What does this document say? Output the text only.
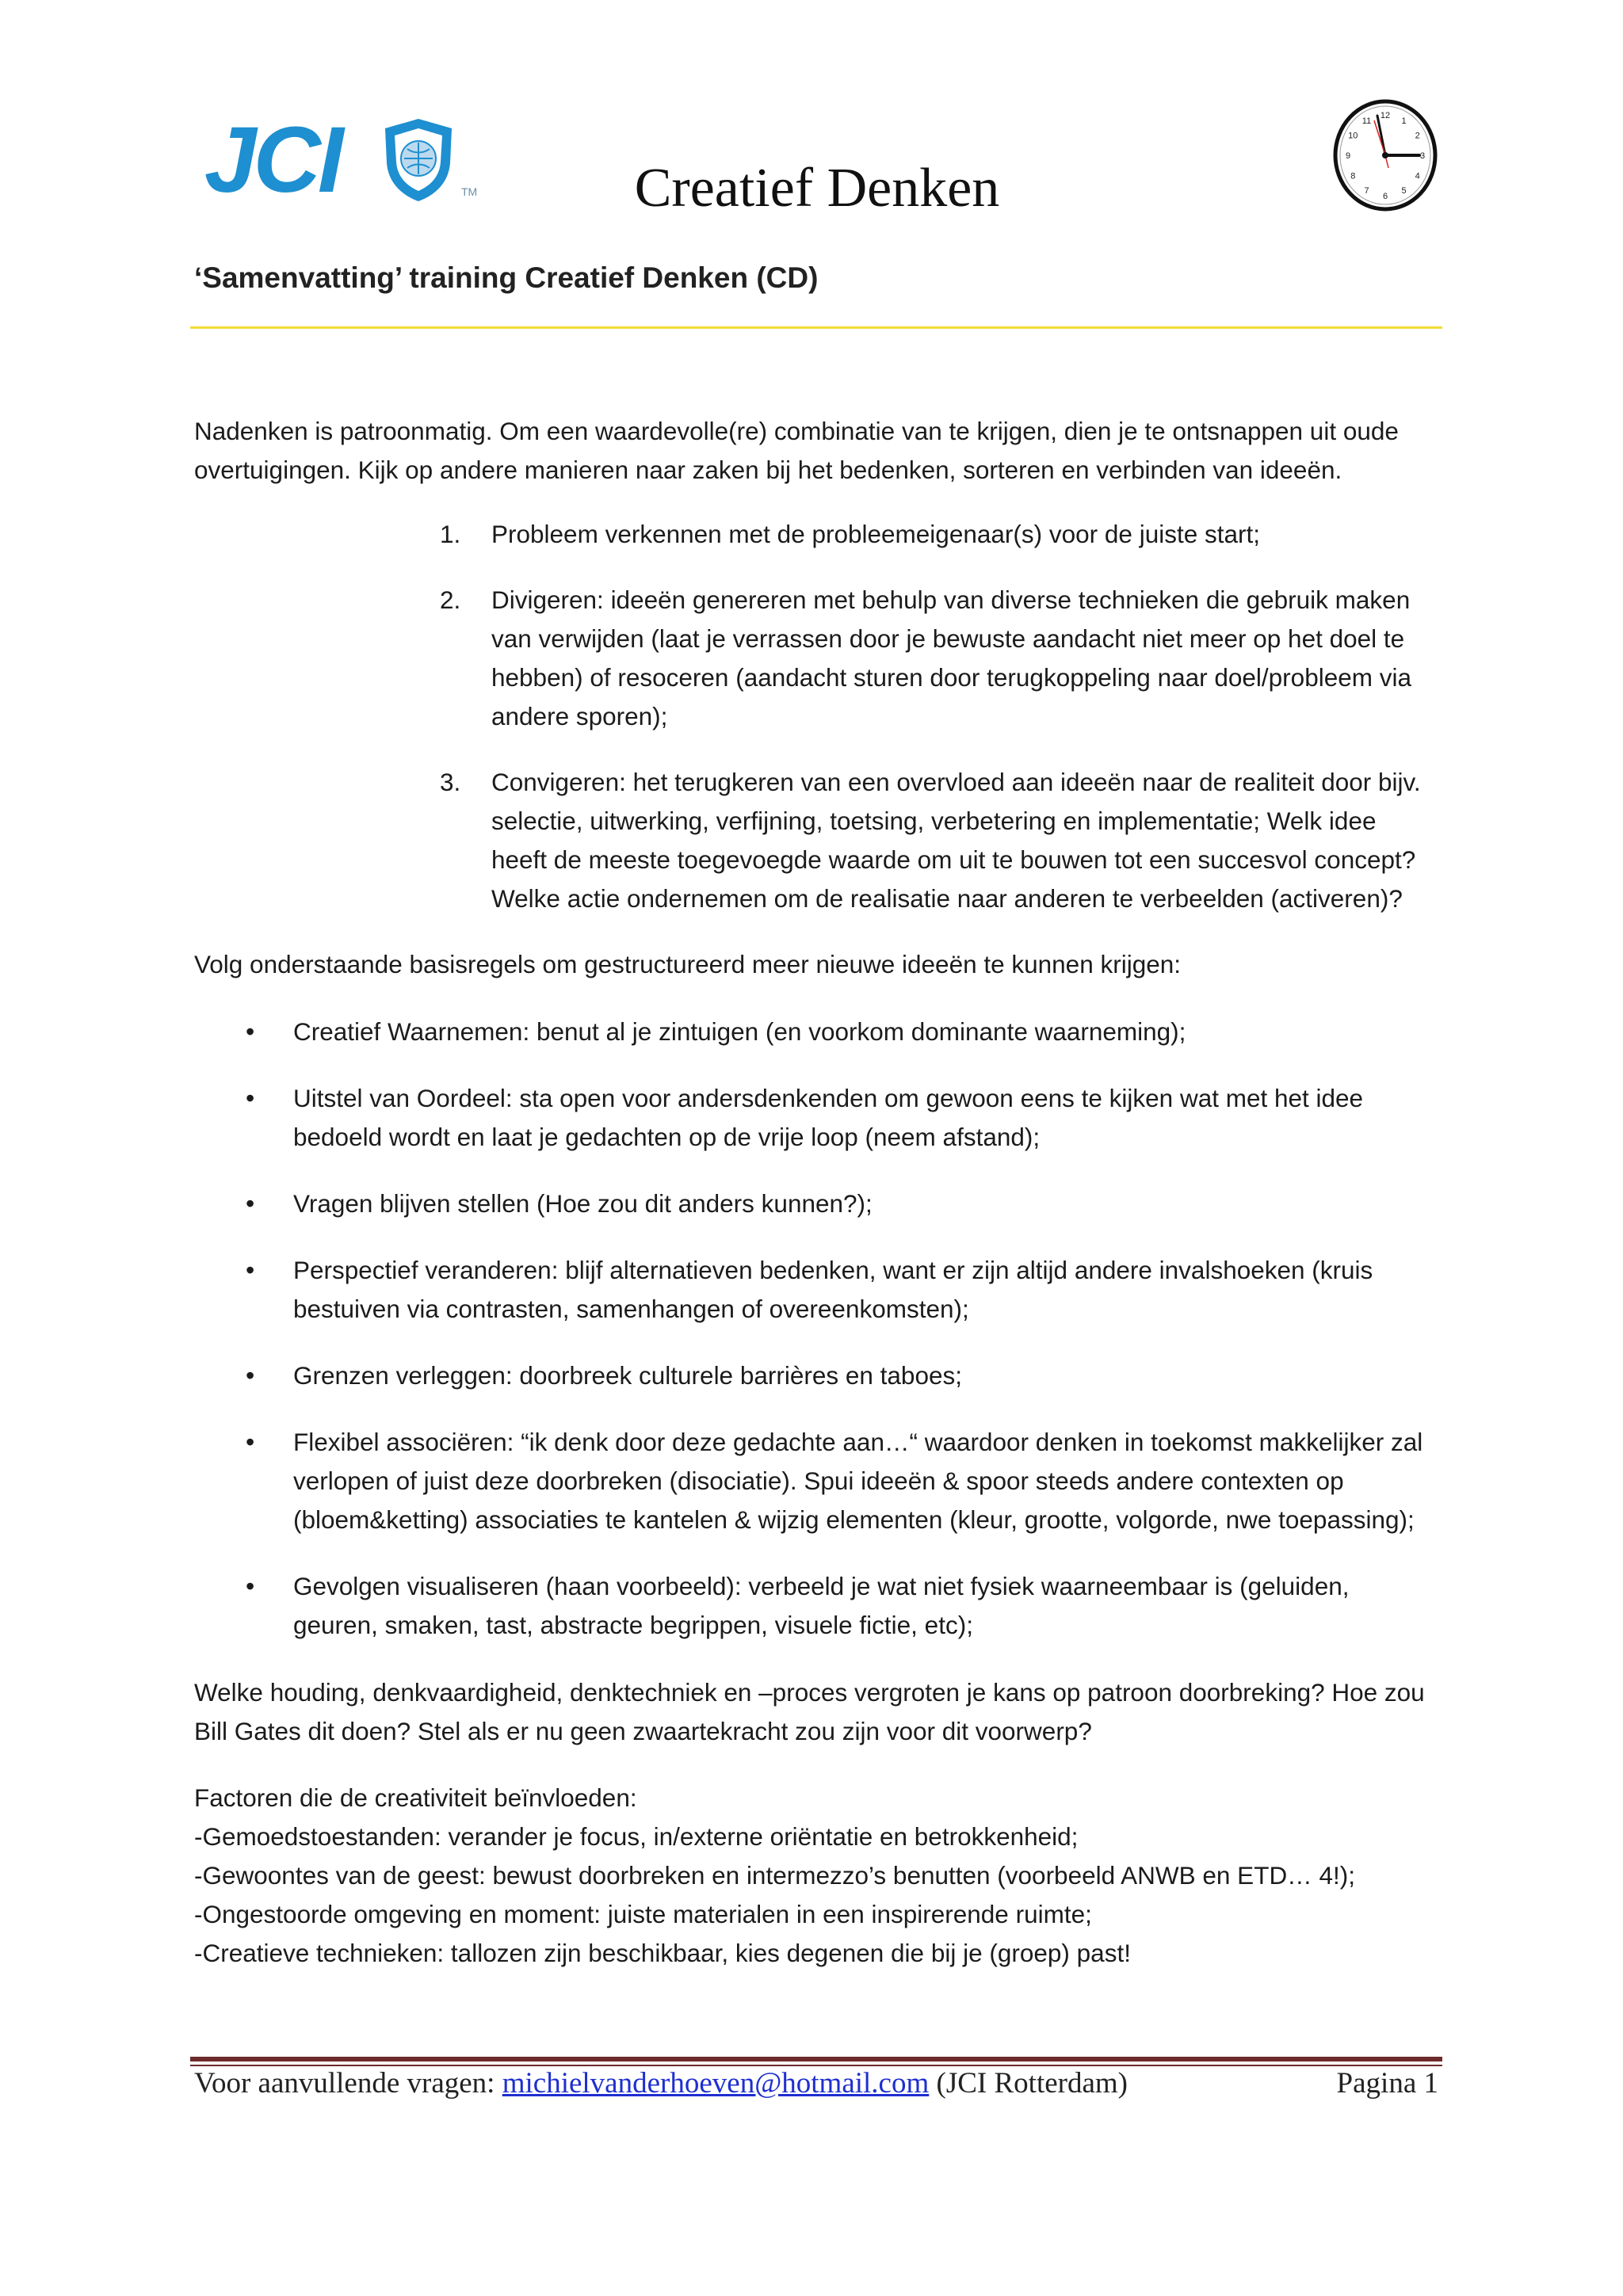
JCI	TM	Creatief Denken
12
1
2
3
4
5
6
7
8
9
10
11
‘Samenvatting’ training Creatief Denken (CD)

Nadenken is patroonmatig. Om een waardevolle(re) combinatie van te krijgen, dien je te ontsnappen uit oude

overtuigingen. Kijk op andere manieren naar zaken bij het bedenken, sorteren en verbinden van ideeën.

1. Probleem verkennen met de probleemeigenaar(s) voor de juiste start;
2. Divigeren: ideeën genereren met behulp van diverse technieken die gebruik maken
van verwijden (laat je verrassen door je bewuste aandacht niet meer op het doel te
hebben) of resoceren (aandacht sturen door terugkoppeling naar doel/probleem via
andere sporen);
3. Convigeren: het terugkeren van een overvloed aan ideeën naar de realiteit door bijv.
selectie, uitwerking, verfijning, toetsing, verbetering en implementatie; Welk idee
heeft de meeste toegevoegde waarde om uit te bouwen tot een succesvol concept?
Welke actie ondernemen om de realisatie naar anderen te verbeelden (activeren)?
Volg onderstaande basisregels om gestructureerd meer nieuwe ideeën te kunnen krijgen:
• Creatief Waarnemen: benut al je zintuigen (en voorkom dominante waarneming);
• Uitstel van Oordeel: sta open voor andersdenkenden om gewoon eens te kijken wat met het idee
bedoeld wordt en laat je gedachten op de vrije loop (neem afstand);
• Vragen blijven stellen (Hoe zou dit anders kunnen?);
• Perspectief veranderen: blijf alternatieven bedenken, want er zijn altijd andere invalshoeken (kruis
bestuiven via contrasten, samenhangen of overeenkomsten);
• Grenzen verleggen: doorbreek culturele barrières en taboes;
• Flexibel associëren: “ik denk door deze gedachte aan…“ waardoor denken in toekomst makkelijker zal
verlopen of juist deze doorbreken (disociatie). Spui ideeën & spoor steeds andere contexten op
(bloem&ketting) associaties te kantelen & wijzig elementen (kleur, grootte, volgorde, nwe toepassing);
• Gevolgen visualiseren (haan voorbeeld): verbeeld je wat niet fysiek waarneembaar is (geluiden,
geuren, smaken, tast, abstracte begrippen, visuele fictie, etc);

Welke houding, denkvaardigheid, denktechniek en –proces vergroten je kans op patroon doorbreking? Hoe zou

Bill Gates dit doen? Stel als er nu geen zwaartekracht zou zijn voor dit voorwerp?

Factoren die de creativiteit beïnvloeden:

-Gemoedstoestanden: verander je focus, in/externe oriëntatie en betrokkenheid;

-Gewoontes van de geest: bewust doorbreken en intermezzo’s benutten (voorbeeld ANWB en ETD… 4!);

-Ongestoorde omgeving en moment: juiste materialen in een inspirerende ruimte;

-Creatieve technieken: tallozen zijn beschikbaar, kies degenen die bij je (groep) past!

Voor aanvullende vragen: michielvanderhoeven@hotmail.com (JCI Rotterdam)	Pagina 1
